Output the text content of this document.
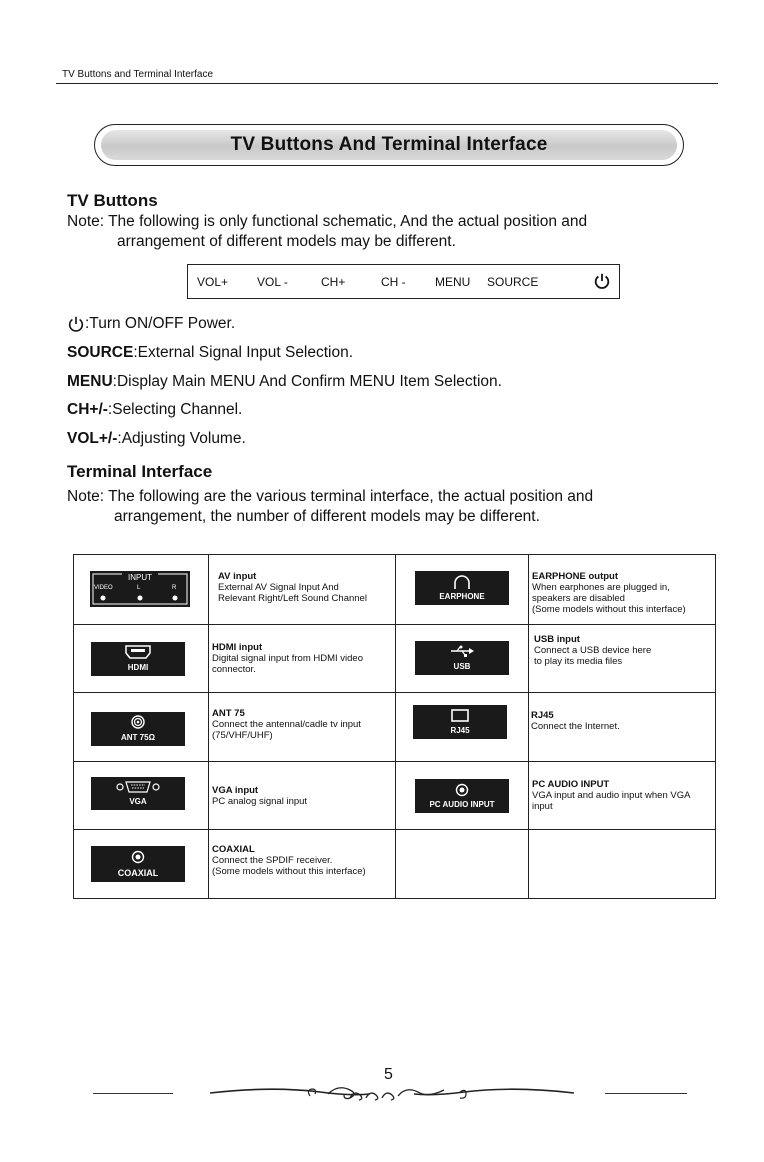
TV Buttons and Terminal Interface
TV Buttons And Terminal Interface
TV Buttons
Note: The following is only functional schematic, And the actual position and
arrangement of different models may be different.
VOL+ VOL -	CH+	CH - MENU SOURCE
:Turn ON/OFF Power.
SOURCE :External Signal Input Selection.
MENU :Display Main MENU And Confirm MENU Item Selection.
CH+/- :Selecting Channel.
VOL+/- :Adjusting Volume.
Terminal Interface
Note: The following are the various terminal interface, the actual position and
arrangement, the number of different models may be different.
INPUT
VIDEO L R	AV input
External AV Signal Input And
Relevant Right/Left Sound Channel	EARPHONE	EARPHONE output
When earphones are plugged in,
speakers are disabled
(Some models without this interface)

HDMI	HDMI input
Digital signal input from HDMI video
connector.	USB	USB input
Connect a USB device here
to play its media files

ANT 75Ω	ANT 75
Connect the antennal/cadle tv input
(75/VHF/UHF)	RJ45	RJ45
Connect the Internet.

VGA	VGA input
PC analog signal input	PC AUDIO INPUT	PC AUDIO INPUT
VGA input and audio input when VGA
input

COAXIAL	COAXIAL
Connect the SPDIF receiver.
(Some models without this interface)		

5
